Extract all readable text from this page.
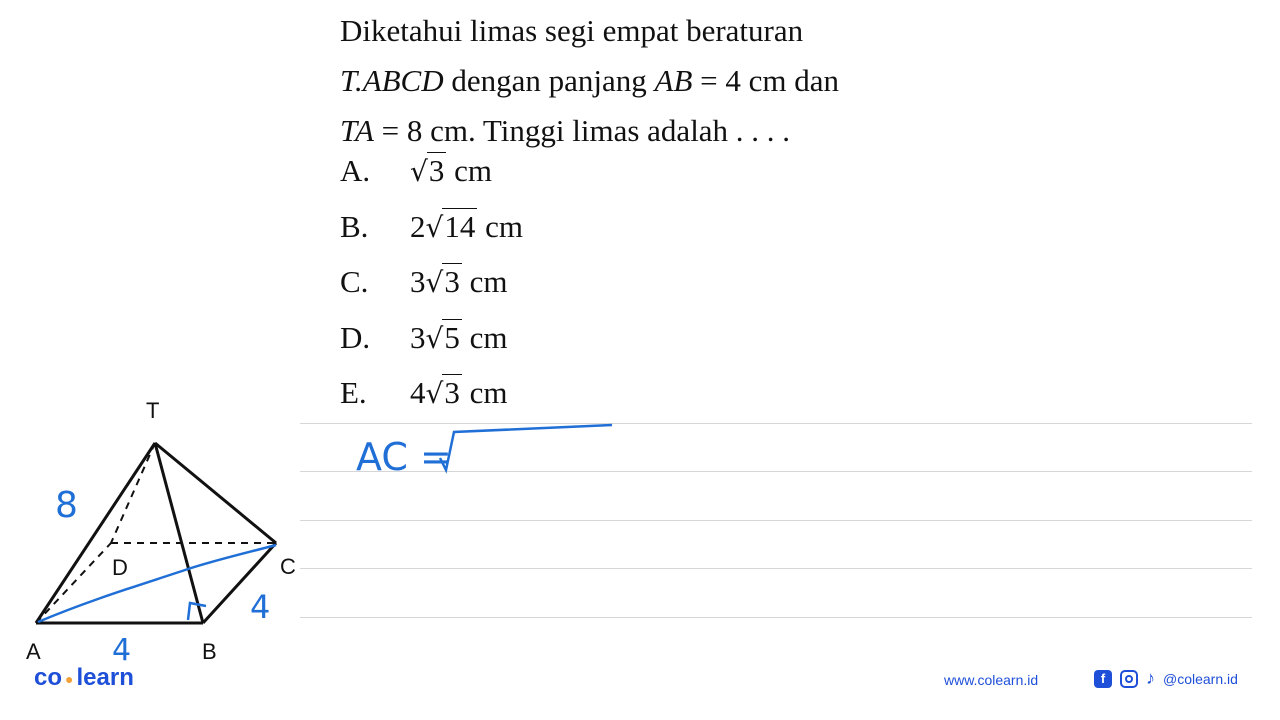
Diketahui limas segi empat beraturan
T.ABCD dengan panjang AB = 4 cm dan
TA = 8 cm. Tinggi limas adalah . . . .
A. √3 cm
B. 2√14 cm
C. 3√3 cm
D. 3√5 cm
E. 4√3 cm
T
D	C
A	B
8
4
4
AC =
co ● learn	www.colearn.id	f	♪ @colearn.id
